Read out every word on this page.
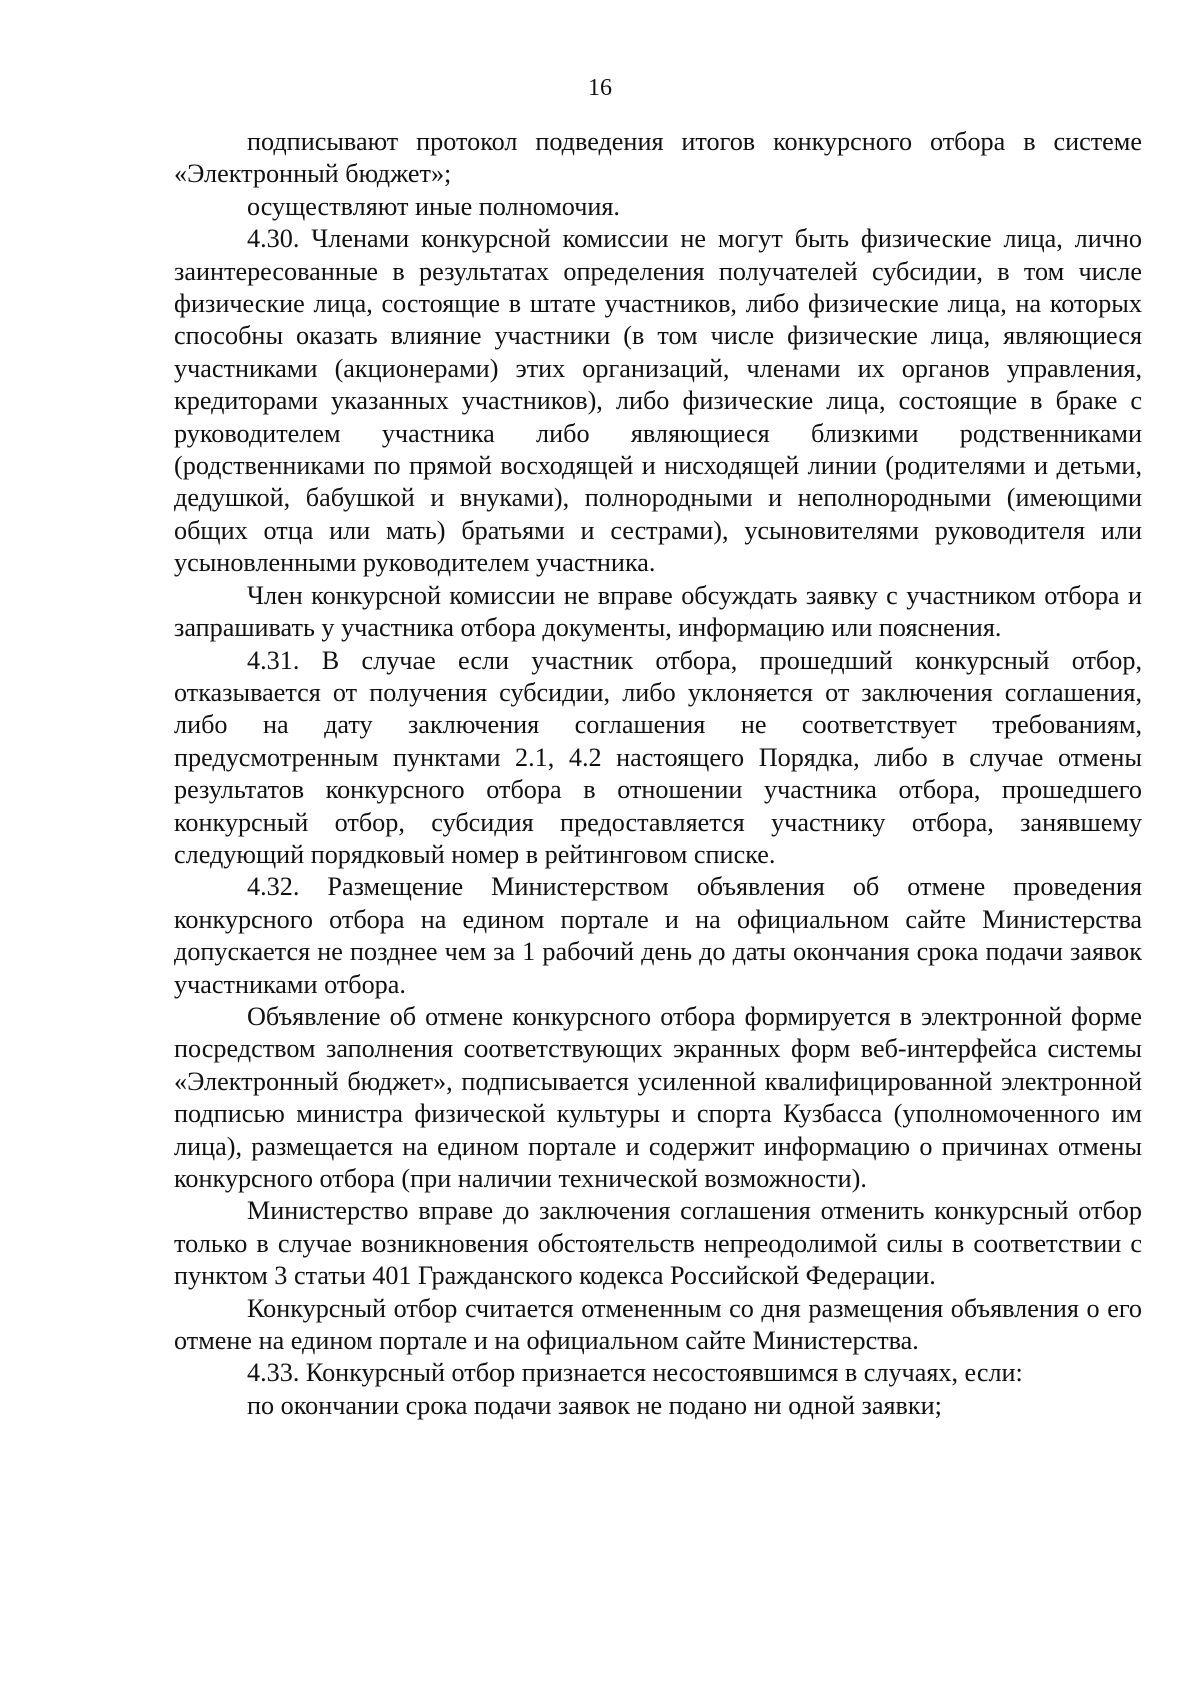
16

подписывают протокол подведения итогов конкурсного отбора в системе «Электронный бюджет»;

осуществляют иные полномочия.

4.30. Членами конкурсной комиссии не могут быть физические лица, лично заинтересованные в результатах определения получателей субсидии, в том числе физические лица, состоящие в штате участников, либо физические лица, на которых способны оказать влияние участники (в том числе физические лица, являющиеся участниками (акционерами) этих организаций, членами их органов управления, кредиторами указанных участников), либо физические лица, состоящие в браке с руководителем участника либо являющиеся близкими родственниками (родственниками по прямой восходящей и нисходящей линии (родителями и детьми, дедушкой, бабушкой и внуками), полнородными и неполнородными (имеющими общих отца или мать) братьями и сестрами), усыновителями руководителя или усыновленными руководителем участника.

Член конкурсной комиссии не вправе обсуждать заявку с участником отбора и запрашивать у участника отбора документы, информацию или пояснения.

4.31. В случае если участник отбора, прошедший конкурсный отбор, отказывается от получения субсидии, либо уклоняется от заключения соглашения, либо на дату заключения соглашения не соответствует требованиям, предусмотренным пунктами 2.1, 4.2 настоящего Порядка, либо в случае отмены результатов конкурсного отбора в отношении участника отбора, прошедшего конкурсный отбор, субсидия предоставляется участнику отбора, занявшему следующий порядковый номер в рейтинговом списке.

4.32. Размещение Министерством объявления об отмене проведения конкурсного отбора на едином портале и на официальном сайте Министерства допускается не позднее чем за 1 рабочий день до даты окончания срока подачи заявок участниками отбора.

Объявление об отмене конкурсного отбора формируется в электронной форме посредством заполнения соответствующих экранных форм веб-интерфейса системы «Электронный бюджет», подписывается усиленной квалифицированной электронной подписью министра физической культуры и спорта Кузбасса (уполномоченного им лица), размещается на едином портале и содержит информацию о причинах отмены конкурсного отбора (при наличии технической возможности).

Министерство вправе до заключения соглашения отменить конкурсный отбор только в случае возникновения обстоятельств непреодолимой силы в соответствии с пунктом 3 статьи 401 Гражданского кодекса Российской Федерации.

Конкурсный отбор считается отмененным со дня размещения объявления о его отмене на едином портале и на официальном сайте Министерства.

4.33. Конкурсный отбор признается несостоявшимся в случаях, если:

по окончании срока подачи заявок не подано ни одной заявки;
